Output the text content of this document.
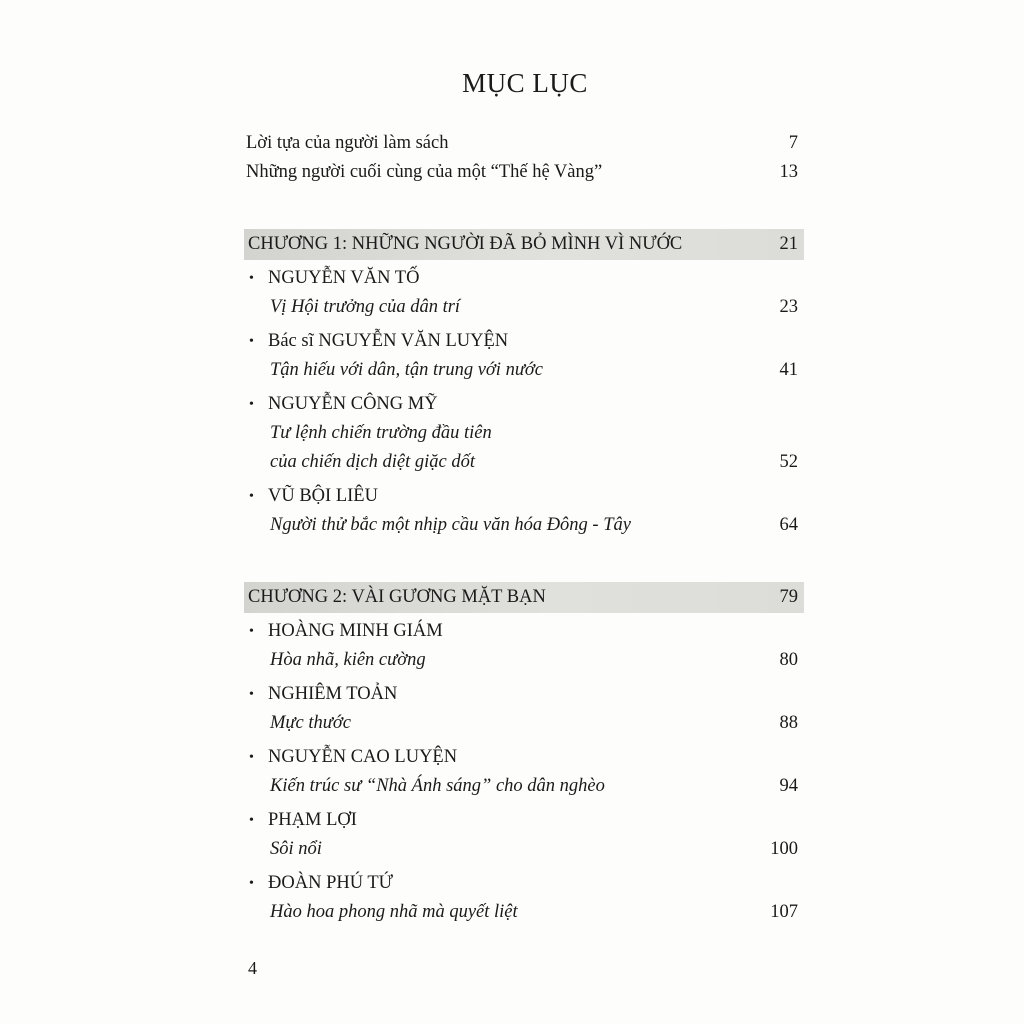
MỤC LỤC
Lời tựa của người làm sách	7
Những người cuối cùng của một “Thế hệ Vàng”	13
CHƯƠNG 1: NHỮNG NGƯỜI ĐÃ BỎ MÌNH VÌ NƯỚC	21
• NGUYỄN VĂN TỐ
Vị Hội trưởng của dân trí	23
• Bác sĩ NGUYỄN VĂN LUYỆN
Tận hiếu với dân, tận trung với nước	41
• NGUYỄN CÔNG MỸ
Tư lệnh chiến trường đầu tiên
của chiến dịch diệt giặc dốt	52
• VŨ BỘI LIÊU
Người thử bắc một nhịp cầu văn hóa Đông - Tây	64
CHƯƠNG 2: VÀI GƯƠNG MẶT BẠN	79
• HOÀNG MINH GIÁM
Hòa nhã, kiên cường	80
• NGHIÊM TOẢN
Mực thước	88
• NGUYỄN CAO LUYỆN
Kiến trúc sư “Nhà Ánh sáng” cho dân nghèo	94
• PHẠM LỢI
Sôi nổi	100
• ĐOÀN PHÚ TỨ
Hào hoa phong nhã mà quyết liệt	107
4
